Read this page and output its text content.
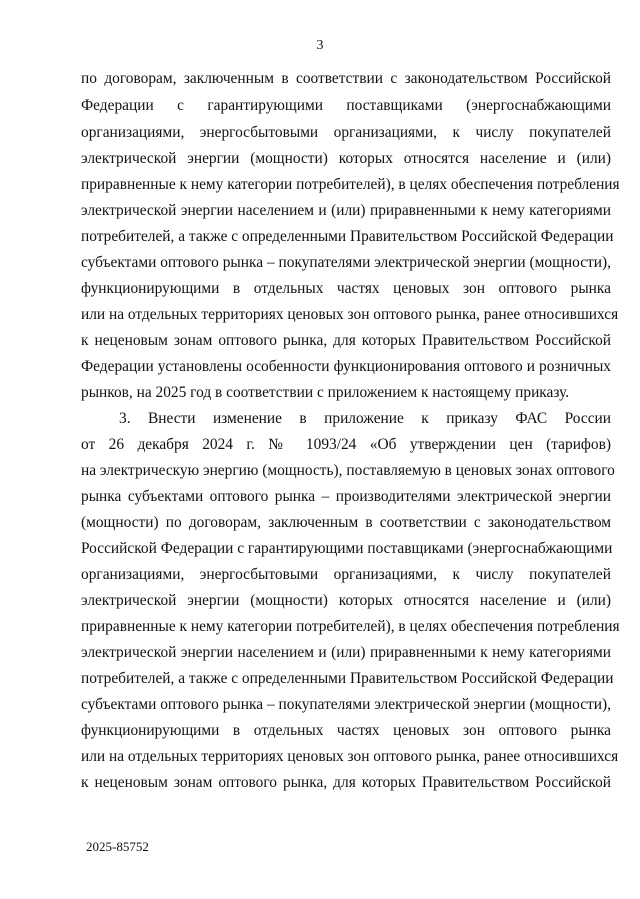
3
по договорам, заключенным в соответствии с законодательством Российской
Федерации с гарантирующими поставщиками (энергоснабжающими
организациями, энергосбытовыми организациями, к числу покупателей
электрической энергии (мощности) которых относятся население и (или)
приравненные к нему категории потребителей), в целях обеспечения потребления
электрической энергии населением и (или) приравненными к нему категориями
потребителей, а также с определенными Правительством Российской Федерации
субъектами оптового рынка – покупателями электрической энергии (мощности),
функционирующими в отдельных частях ценовых зон оптового рынка
или на отдельных территориях ценовых зон оптового рынка, ранее относившихся
к неценовым зонам оптового рынка, для которых Правительством Российской
Федерации установлены особенности функционирования оптового и розничных
рынков, на 2025 год в соответствии с приложением к настоящему приказу.
3. Внести изменение в приложение к приказу ФАС России
от 26 декабря 2024 г. № 1093/24 «Об утверждении цен (тарифов)
на электрическую энергию (мощность), поставляемую в ценовых зонах оптового
рынка субъектами оптового рынка – производителями электрической энергии
(мощности) по договорам, заключенным в соответствии с законодательством
Российской Федерации с гарантирующими поставщиками (энергоснабжающими
организациями, энергосбытовыми организациями, к числу покупателей
электрической энергии (мощности) которых относятся население и (или)
приравненные к нему категории потребителей), в целях обеспечения потребления
электрической энергии населением и (или) приравненными к нему категориями
потребителей, а также с определенными Правительством Российской Федерации
субъектами оптового рынка – покупателями электрической энергии (мощности),
функционирующими в отдельных частях ценовых зон оптового рынка
или на отдельных территориях ценовых зон оптового рынка, ранее относившихся
к неценовым зонам оптового рынка, для которых Правительством Российской
2025-85752
